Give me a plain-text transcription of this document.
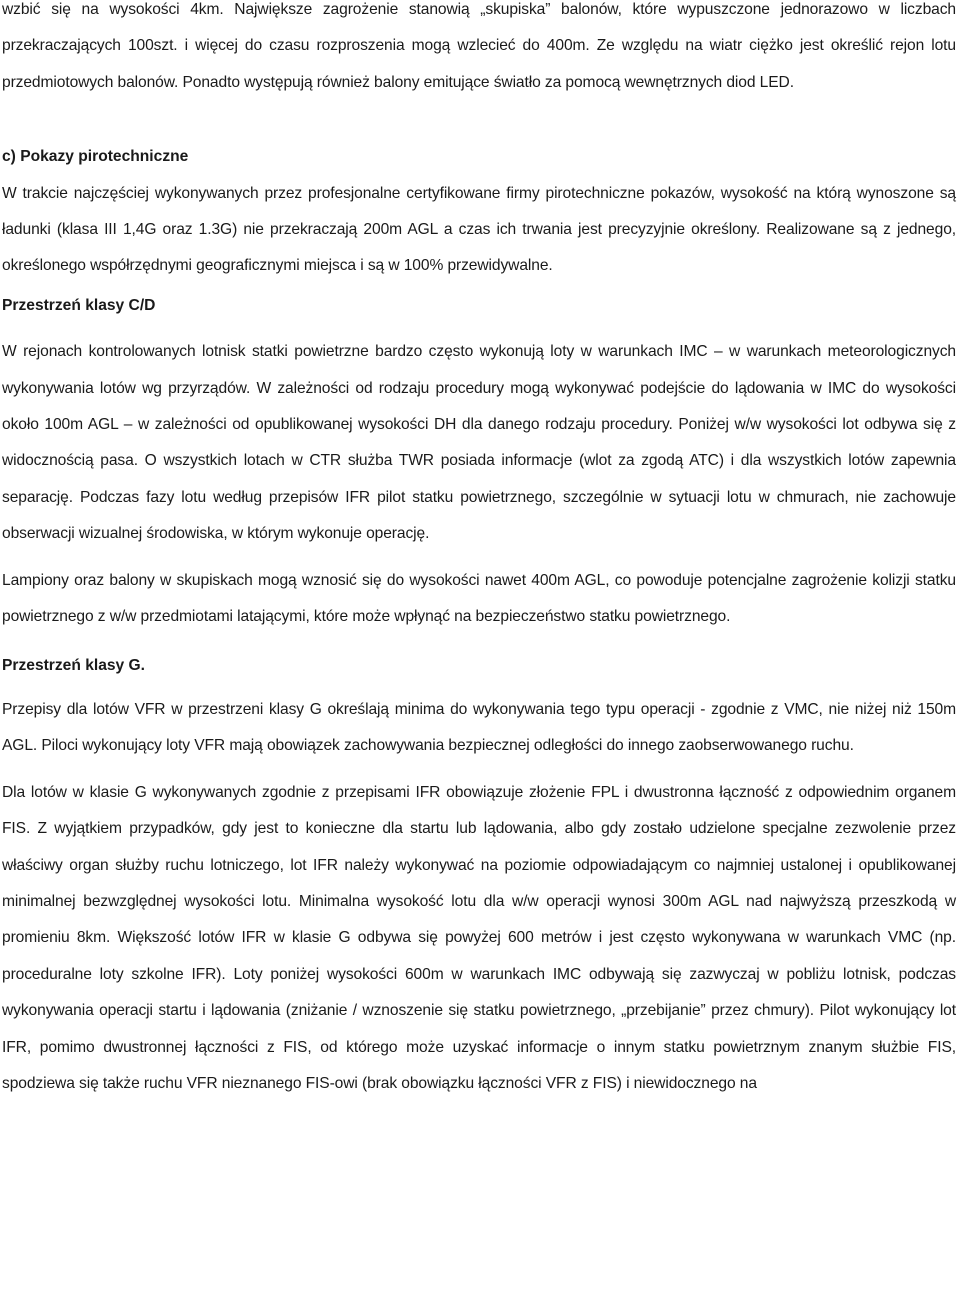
wzbić się na wysokości 4km. Największe zagrożenie stanowią „skupiska” balonów, które wypuszczone jednorazowo w liczbach przekraczających 100szt. i więcej do czasu rozproszenia mogą wzlecieć do 400m. Ze względu na wiatr ciężko jest określić rejon lotu przedmiotowych balonów. Ponadto występują również balony emitujące światło za pomocą wewnętrznych diod LED.

c) Pokazy pirotechniczne

W trakcie najczęściej wykonywanych przez profesjonalne certyfikowane firmy pirotechniczne pokazów, wysokość na którą wynoszone są ładunki (klasa III 1,4G oraz 1.3G) nie przekraczają 200m AGL a czas ich trwania jest precyzyjnie określony. Realizowane są z jednego, określonego współrzędnymi geograficznymi miejsca i są w 100% przewidywalne.

Przestrzeń klasy C/D

W rejonach kontrolowanych lotnisk statki powietrzne bardzo często wykonują loty w warunkach IMC – w warunkach meteorologicznych wykonywania lotów wg przyrządów. W zależności od rodzaju procedury mogą wykonywać podejście do lądowania w IMC do wysokości około 100m AGL – w zależności od opublikowanej wysokości DH dla danego rodzaju procedury. Poniżej w/w wysokości lot odbywa się z widocznością pasa. O wszystkich lotach w CTR służba TWR posiada informacje (wlot za zgodą ATC) i dla wszystkich lotów zapewnia separację. Podczas fazy lotu według przepisów IFR pilot statku powietrznego, szczególnie w sytuacji lotu w chmurach, nie zachowuje obserwacji wizualnej środowiska, w którym wykonuje operację.

Lampiony oraz balony w skupiskach mogą wznosić się do wysokości nawet 400m AGL, co powoduje potencjalne zagrożenie kolizji statku powietrznego z w/w przedmiotami latającymi, które może wpłynąć na bezpieczeństwo statku powietrznego.

Przestrzeń klasy G.

Przepisy dla lotów VFR w przestrzeni klasy G określają minima do wykonywania tego typu operacji - zgodnie z VMC, nie niżej niż 150m AGL. Piloci wykonujący loty VFR mają obowiązek zachowywania bezpiecznej odległości do innego zaobserwowanego ruchu.

Dla lotów w klasie G wykonywanych zgodnie z przepisami IFR obowiązuje złożenie FPL i dwustronna łączność z odpowiednim organem FIS. Z wyjątkiem przypadków, gdy jest to konieczne dla startu lub lądowania, albo gdy zostało udzielone specjalne zezwolenie przez właściwy organ służby ruchu lotniczego, lot IFR należy wykonywać na poziomie odpowiadającym co najmniej ustalonej i opublikowanej minimalnej bezwzględnej wysokości lotu. Minimalna wysokość lotu dla w/w operacji wynosi 300m AGL nad najwyższą przeszkodą w promieniu 8km. Większość lotów IFR w klasie G odbywa się powyżej 600 metrów i jest często wykonywana w warunkach VMC (np. proceduralne loty szkolne IFR). Loty poniżej wysokości 600m w warunkach IMC odbywają się zazwyczaj w pobliżu lotnisk, podczas wykonywania operacji startu i lądowania (zniżanie / wznoszenie się statku powietrznego, „przebijanie” przez chmury). Pilot wykonujący lot IFR, pomimo dwustronnej łączności z FIS, od którego może uzyskać informacje o innym statku powietrznym znanym służbie FIS, spodziewa się także ruchu VFR nieznanego FIS-owi (brak obowiązku łączności VFR z FIS) i niewidocznego na
